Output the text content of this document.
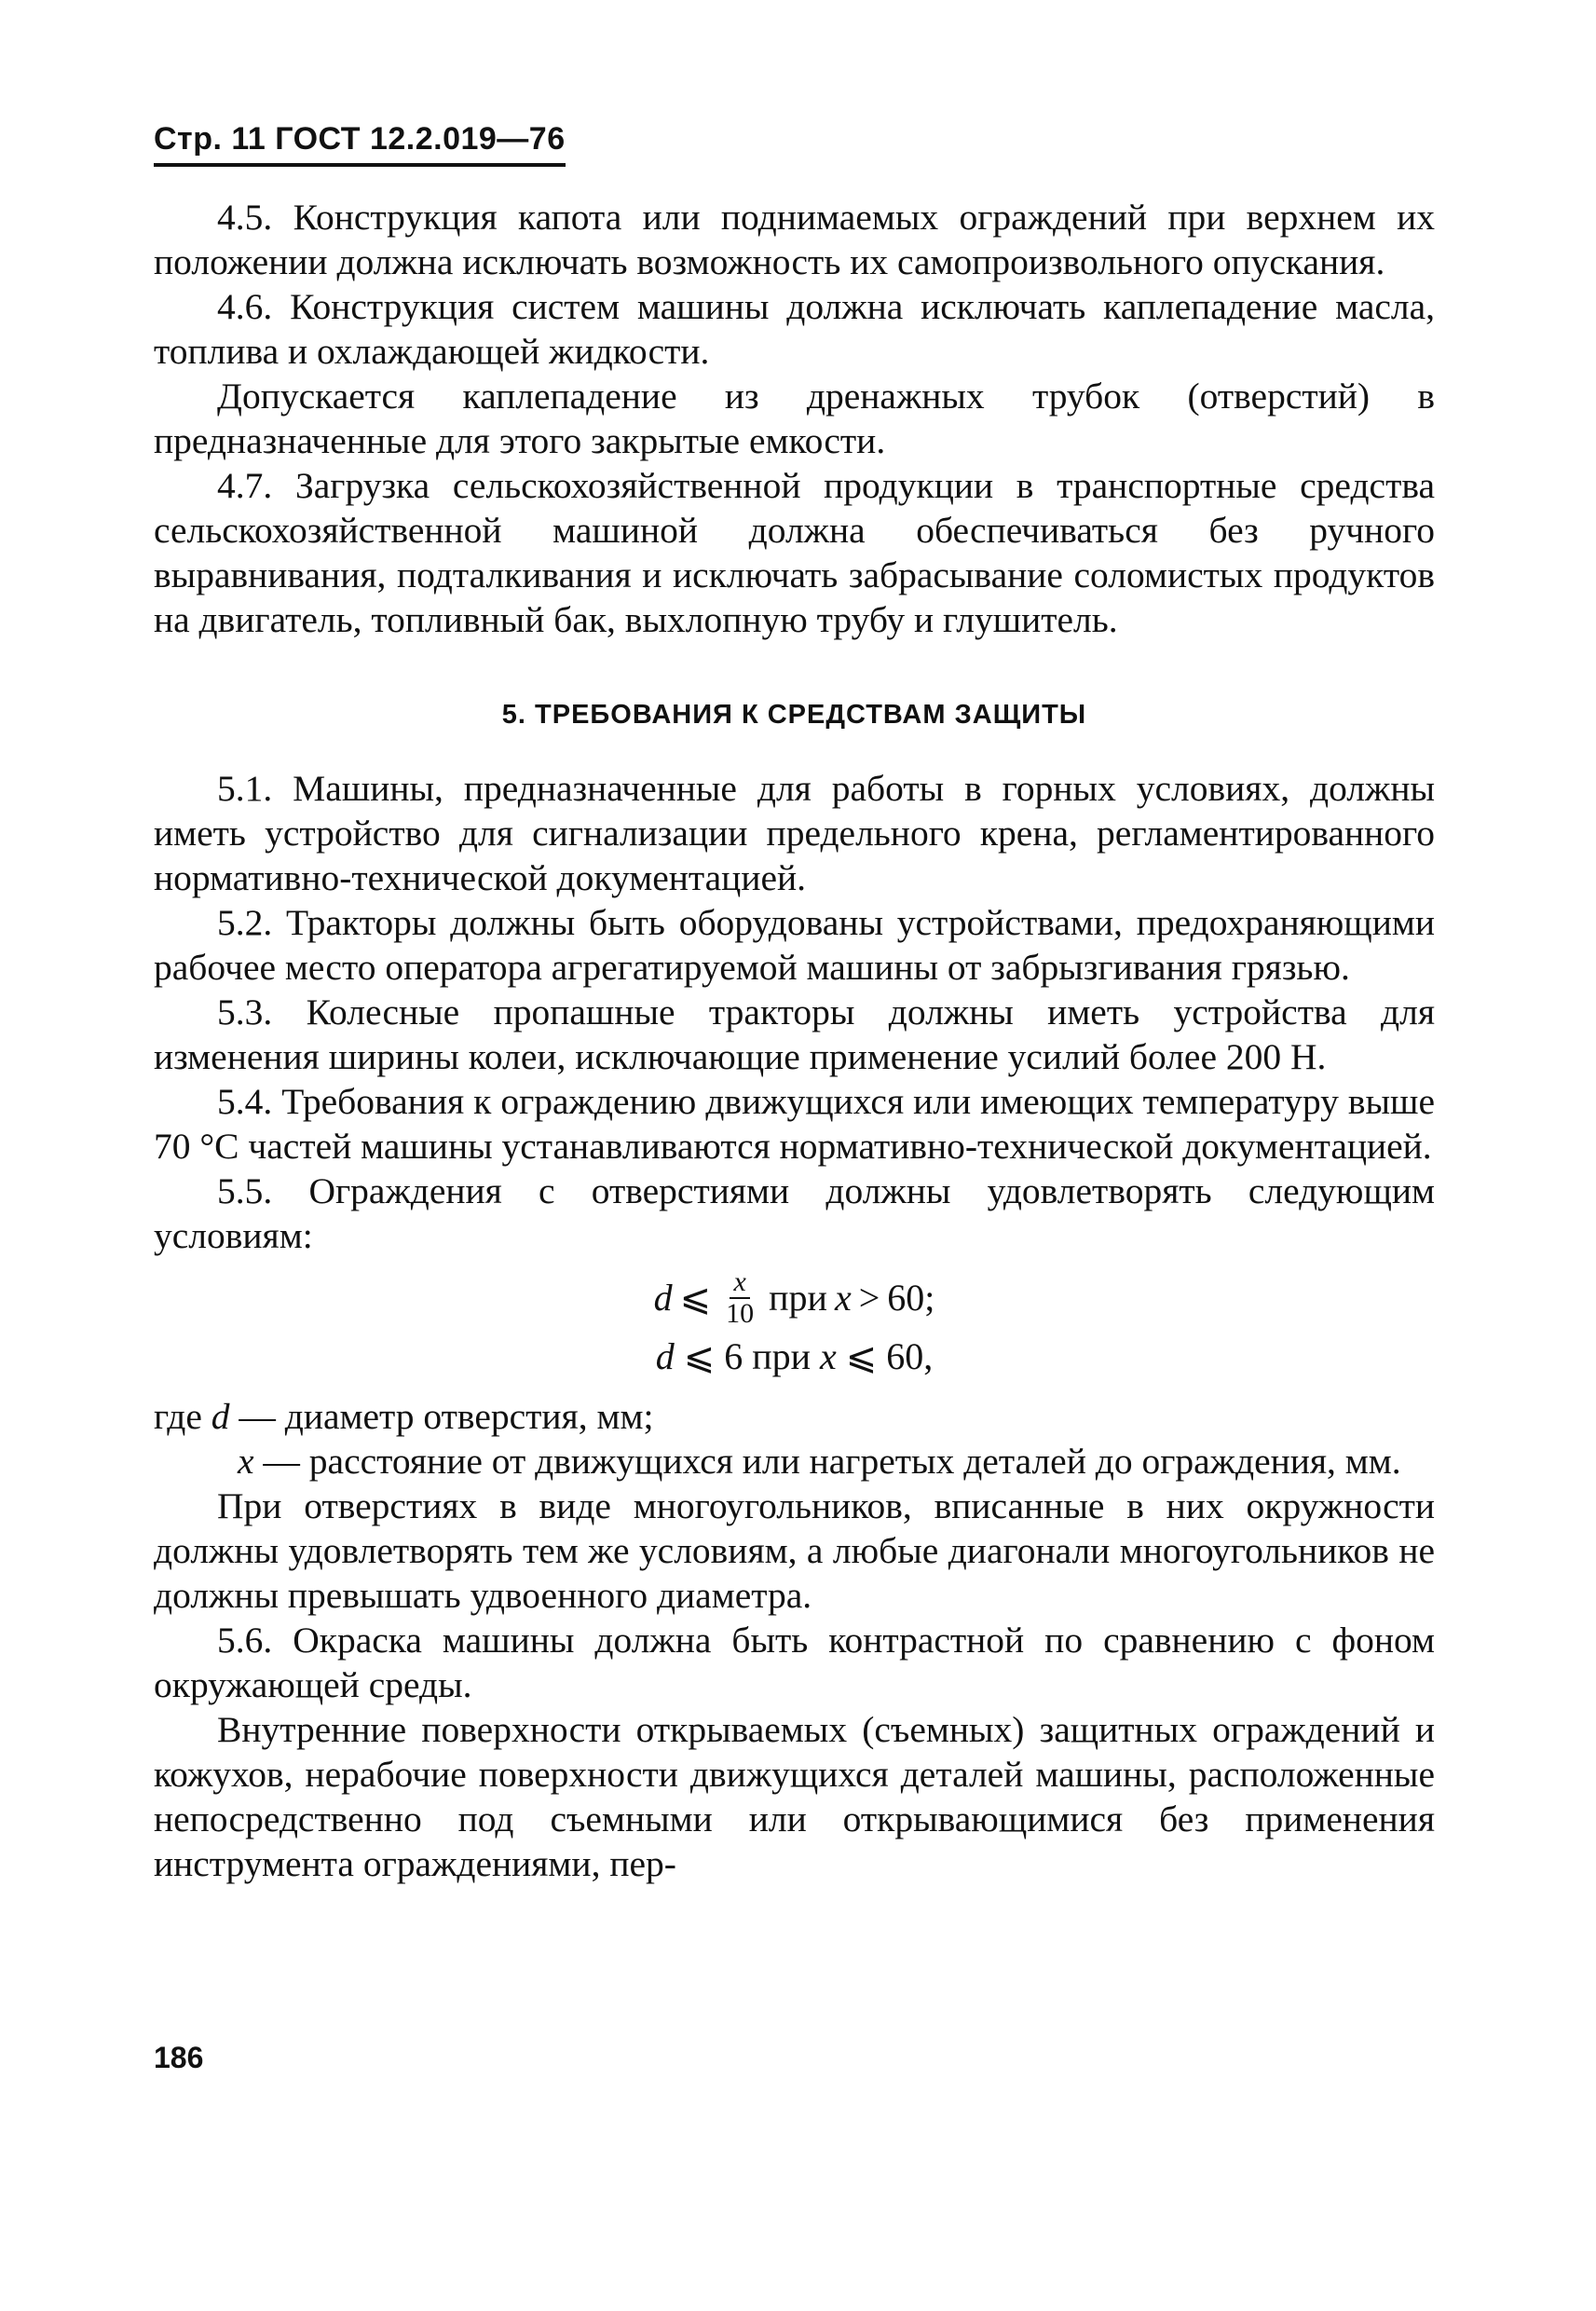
Стр. 11 ГОСТ 12.2.019—76

4.5. Конструкция капота или поднимаемых ограждений при верхнем их положении должна исключать возможность их самопроизвольного опускания.

4.6. Конструкция систем машины должна исключать каплепадение масла, топлива и охлаждающей жидкости.

Допускается каплепадение из дренажных трубок (отверстий) в предназначенные для этого закрытые емкости.

4.7. Загрузка сельскохозяйственной продукции в транспортные средства сельскохозяйственной машиной должна обеспечиваться без ручного выравнивания, подталкивания и исключать забрасывание соломистых продуктов на двигатель, топливный бак, выхлопную трубу и глушитель.

5. ТРЕБОВАНИЯ К СРЕДСТВАМ ЗАЩИТЫ

5.1. Машины, предназначенные для работы в горных условиях, должны иметь устройство для сигнализации предельного крена, регламентированного нормативно-технической документацией.

5.2. Тракторы должны быть оборудованы устройствами, предохраняющими рабочее место оператора агрегатируемой машины от забрызгивания грязью.

5.3. Колесные пропашные тракторы должны иметь устройства для изменения ширины колеи, исключающие применение усилий более 200 Н.

5.4. Требования к ограждению движущихся или имеющих температуру выше 70 °С частей машины устанавливаются нормативно-технической документацией.

5.5. Ограждения с отверстиями должны удовлетворять следующим условиям:

d ⩽ $\frac{x}{10}$ при x > 60;
d ⩽ 6 при x ⩽ 60,
где d — диаметр отверстия, мм;
x — расстояние от движущихся или нагретых деталей до ограждения, мм.

При отверстиях в виде многоугольников, вписанные в них окружности должны удовлетворять тем же условиям, а любые диагонали многоугольников не должны превышать удвоенного диаметра.

5.6. Окраска машины должна быть контрастной по сравнению с фоном окружающей среды.

Внутренние поверхности открываемых (съемных) защитных ограждений и кожухов, нерабочие поверхности движущихся деталей машины, расположенные непосредственно под съемными или открывающимися без применения инструмента ограждениями, пер-

186
